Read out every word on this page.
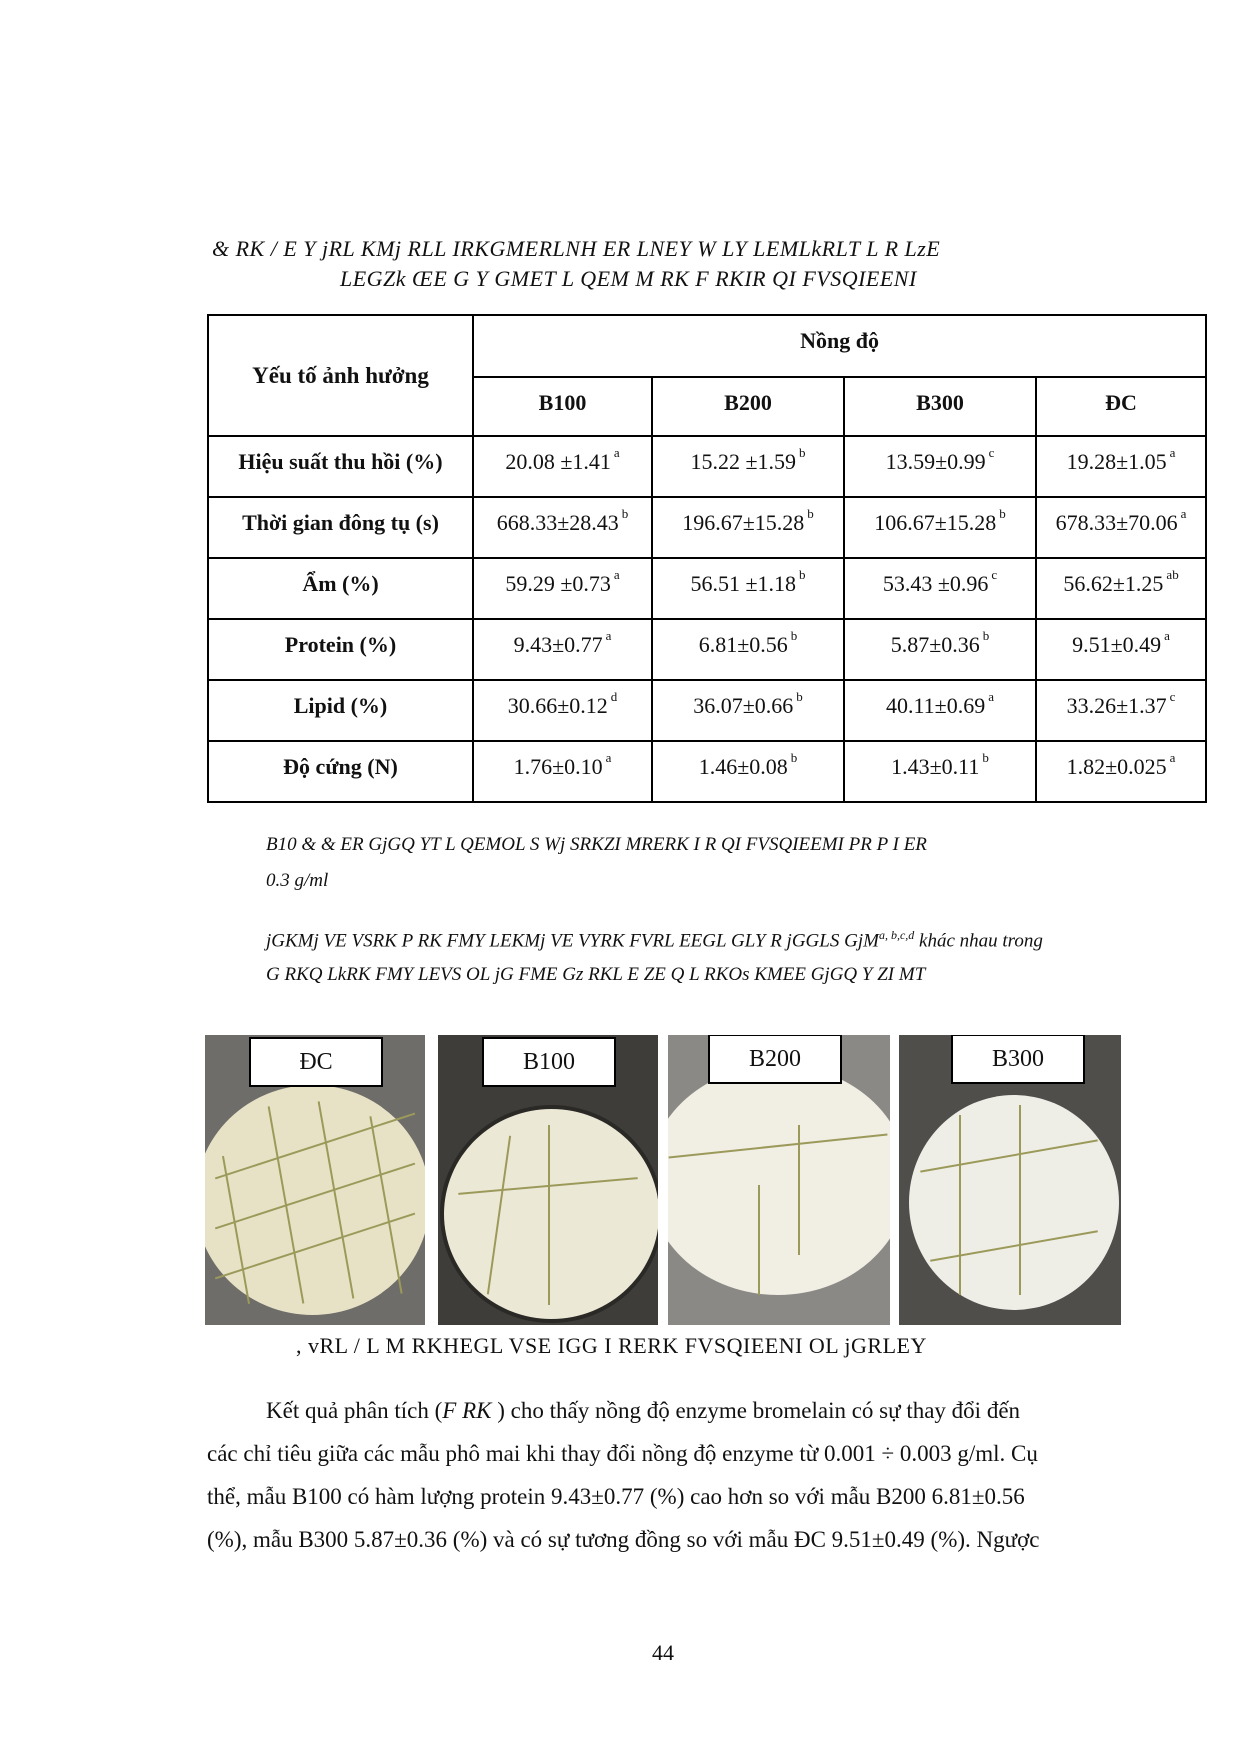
& RK / E Y jRL KMj RLL IRKGMERLNH ER LNEY W LY LEMLkRLT L R LzE
LEGZk ŒE G Y GMET L QEM M RK F RKIR QI FVSQIEENI
Yếu tố ảnh hưởng	Nồng độ			
	B100	B200	B300	ĐC
Hiệu suất thu hồi (%)	20.08 ±1.41 $^a$	15.22 ±1.59 $^b$	13.59±0.99 $^c$	19.28±1.05 $^a$
Thời gian đông tụ (s)	668.33±28.43 $^b$	196.67±15.28 $^b$	106.67±15.28 $^b$	678.33±70.06 $^a$
Ẩm (%)	59.29 ±0.73 $^a$	56.51 ±1.18 $^b$	53.43 ±0.96 $^c$	56.62±1.25 $^{ab}$
Protein (%)	9.43±0.77 $^a$	6.81±0.56 $^b$	5.87±0.36 $^b$	9.51±0.49 $^a$
Lipid (%)	30.66±0.12 $^d$	36.07±0.66 $^b$	40.11±0.69 $^a$	33.26±1.37 $^c$
Độ cứng (N)	1.76±0.10 $^a$	1.46±0.08 $^b$	1.43±0.11 $^b$	1.82±0.025 $^a$
B10 & & ER GjGQ YT L QEMOL S Wj SRKZI MRERK I R QI FVSQIEEMI PR P I ER
0.3 g/ml
jGKMj VE VSRK P RK FMY LEKMj VE VYRK FVRL EEGL GLY R jGGLS GjM$^{a, b,c,d}$ khác nhau trong
G RKQ LkRK FMY LEVS OL jG FME Gz RKL E ZE Q L RKOs KMEE GjGQ Y ZI MT
ĐC	B100	B200	B300
, vRL / L M RKHEGL VSE IGG I RERK FVSQIEENI OL jGRLEY
Kết quả phân tích (F RK ) cho thấy nồng độ enzyme bromelain có sự thay đổi đến
các chỉ tiêu giữa các mẫu phô mai khi thay đổi nồng độ enzyme từ 0.001 ÷ 0.003 g/ml. Cụ
thể, mẫu B100 có hàm lượng protein 9.43±0.77 (%) cao hơn so với mẫu B200 6.81±0.56
(%), mẫu B300 5.87±0.36 (%) và có sự tương đồng so với mẫu ĐC 9.51±0.49 (%). Ngược
44
